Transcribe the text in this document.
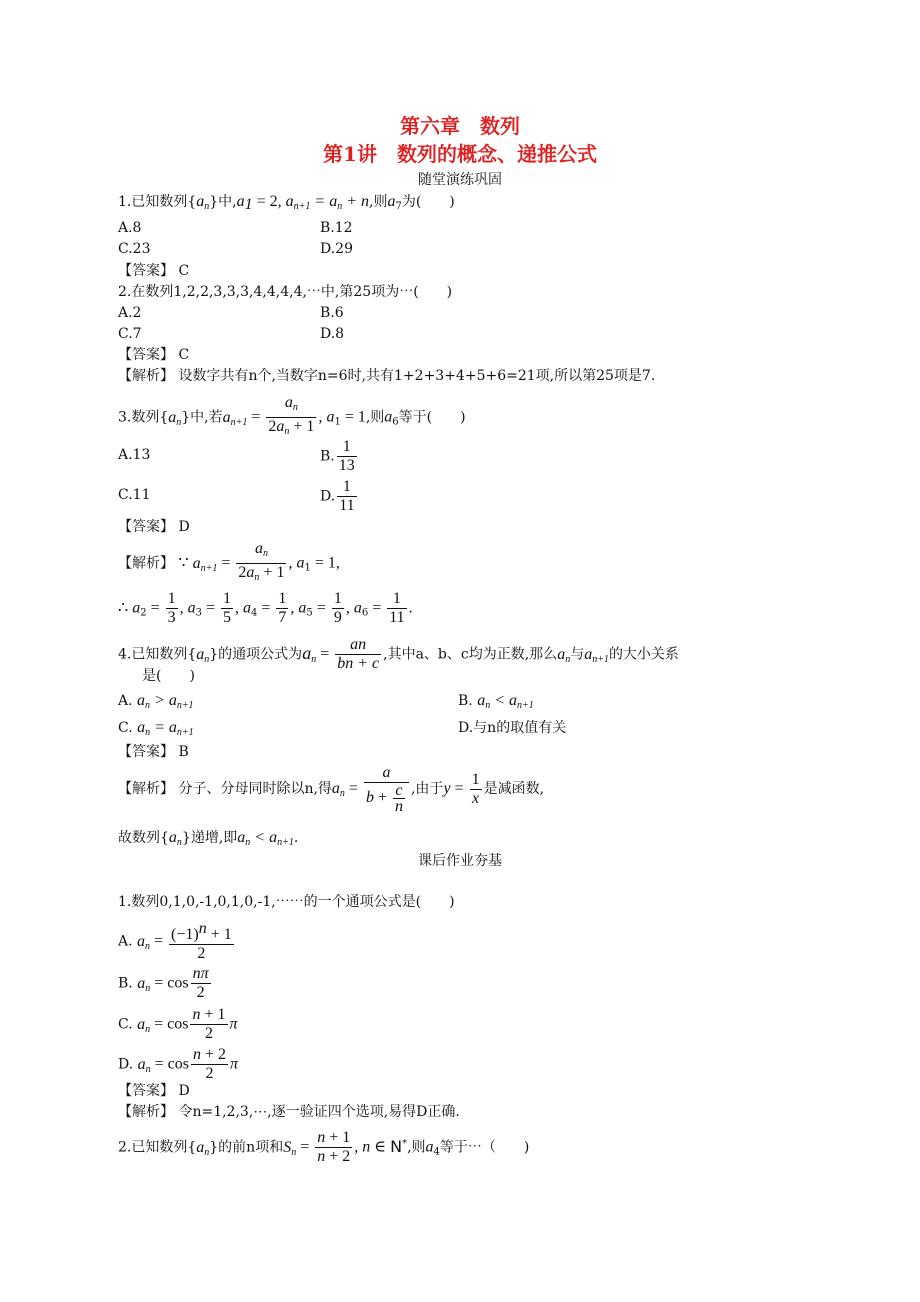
第六章　数列
第1讲　数列的概念、递推公式
随堂演练巩固
1.已知数列$\{a_n\}$中$,a_1 = 2$, $a_{n+1} = a_n + n$,则$a_7$为(　　)
A.8	B.12
C.23	D.29
【答案】 C
2.在数列1,2,2,3,3,3,4,4,4,4,⋯中,第25项为⋯(　　)
A.2	B.6
C.7	D.8
【答案】 C
【解析】 设数字共有n个,当数字n=6时,共有1+2+3+4+5+6=21项,所以第25项是7.
3.数列$\{a_n\}$中,若$a_{n+1} = \frac{a_n}{2a_n + 1}$ , $a_1 = 1$,则$a_6$等于(　　)
A.13	B. $\frac{1}{13}$
C.11	D. $\frac{1}{11}$
【答案】 D
【解析】 ∵ $a_{n+1} = \frac{a_n}{2a_n + 1}$ , $a_1 = 1$,
∴ $a_2 = \frac{1}{3}$ , $a_3 = \frac{1}{5}$ , $a_4 = \frac{1}{7}$ , $a_5 = \frac{1}{9}$ , $a_6 = \frac{1}{11}$ .
4.已知数列$\{a_n\}$的通项公式为$a_n = \frac{an}{bn + c}$ ,其中a、b、c均为正数,那么$a_n$与$a_{n+1}$的大小关系
是(　　)
A. $a_n > a_{n+1}$	B. $a_n < a_{n+1}$
C. $a_n = a_{n+1}$	D.与n的取值有关
【答案】 B
【解析】 分子、分母同时除以n,得$a_n = \frac{a}{b + \frac{c}{n}}$ ,由于$y = \frac{1}{x}$ 是减函数,
故数列$\{a_n\}$递增,即$a_n < a_{n+1}$.
课后作业夯基
1.数列0,1,0,-1,0,1,0,-1,⋯⋯的一个通项公式是(　　)
A. $a_n = \frac{(-1)^n + 1}{2}$
B. $a_n = \cos \frac{n\pi}{2}$
C. $a_n = \cos \frac{n + 1}{2}$ π
D. $a_n = \cos \frac{n + 2}{2}$ π
【答案】 D
【解析】 令n=1,2,3,⋯,逐一验证四个选项,易得D正确.
2.已知数列$\{a_n\}$的前n项和$S_n = \frac{n + 1}{n + 2}$ , n ∈ N*,则$a_4$等于⋯（　　)
